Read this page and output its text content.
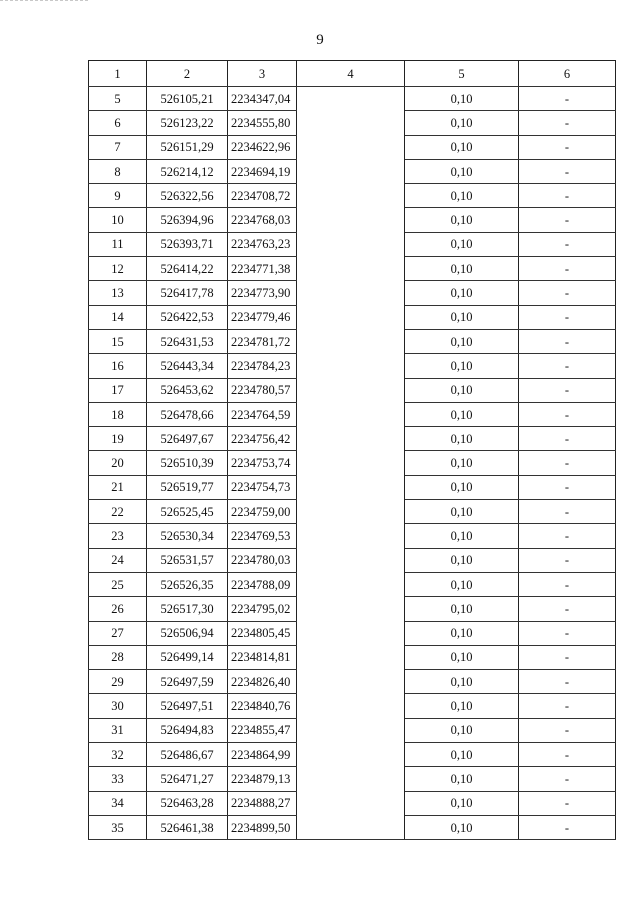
9
1	2	3	4	5	6
5	526105,21	2234347,04		0,10	-
6	526123,22	2234555,80		0,10	-
7	526151,29	2234622,96		0,10	-
8	526214,12	2234694,19		0,10	-
9	526322,56	2234708,72		0,10	-
10	526394,96	2234768,03		0,10	-
11	526393,71	2234763,23		0,10	-
12	526414,22	2234771,38		0,10	-
13	526417,78	2234773,90		0,10	-
14	526422,53	2234779,46		0,10	-
15	526431,53	2234781,72		0,10	-
16	526443,34	2234784,23		0,10	-
17	526453,62	2234780,57		0,10	-
18	526478,66	2234764,59		0,10	-
19	526497,67	2234756,42		0,10	-
20	526510,39	2234753,74		0,10	-
21	526519,77	2234754,73		0,10	-
22	526525,45	2234759,00		0,10	-
23	526530,34	2234769,53		0,10	-
24	526531,57	2234780,03		0,10	-
25	526526,35	2234788,09		0,10	-
26	526517,30	2234795,02		0,10	-
27	526506,94	2234805,45		0,10	-
28	526499,14	2234814,81		0,10	-
29	526497,59	2234826,40		0,10	-
30	526497,51	2234840,76		0,10	-
31	526494,83	2234855,47		0,10	-
32	526486,67	2234864,99		0,10	-
33	526471,27	2234879,13		0,10	-
34	526463,28	2234888,27		0,10	-
35	526461,38	2234899,50		0,10	-
